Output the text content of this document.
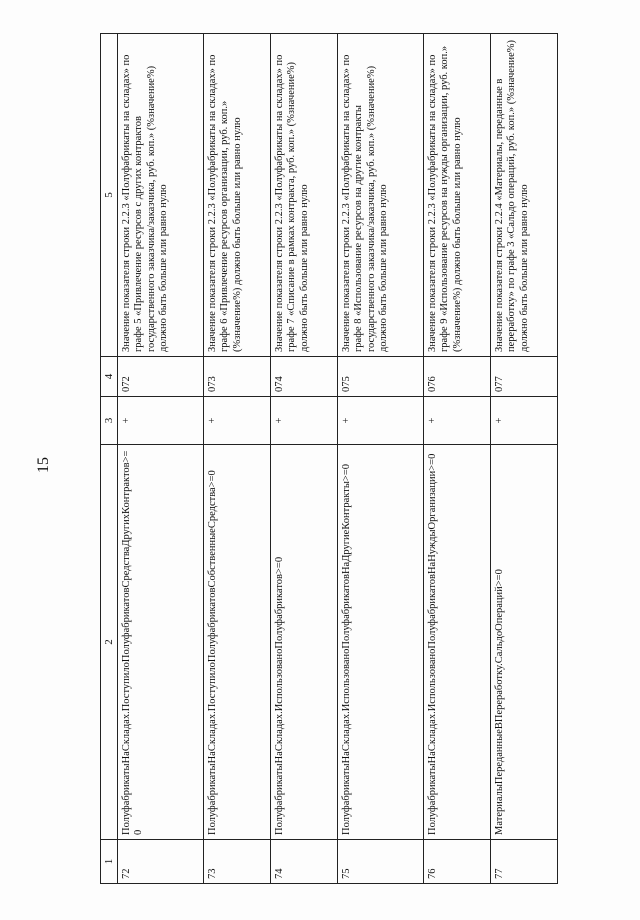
15
1	2	3	4	5
72	ПолуфабрикатыНаСкладах.ПоступилоПолуфабрикатовСредстваДругихКонтрактов>=0	+	072	Значение показателя строки 2.2.3 «Полуфабрикаты на складах» по графе 5 «Привлечение ресурсов с других контрактов государственного заказчика/заказчика, руб. коп.» (%значение%) должно быть больше или равно нулю
73	ПолуфабрикатыНаСкладах.ПоступилоПолуфабрикатовСобственныеСредства>=0	+	073	Значение показателя строки 2.2.3 «Полуфабрикаты на складах» по графе 6 «Привлечение ресурсов организации, руб. коп.» (%значение%) должно быть больше или равно нулю
74	ПолуфабрикатыНаСкладах.ИспользованоПолуфабрикатов>=0	+	074	Значение показателя строки 2.2.3 «Полуфабрикаты на складах» по графе 7 «Списание в рамках контракта, руб. коп.» (%значение%) должно быть больше или равно нулю
75	ПолуфабрикатыНаСкладах.ИспользованоПолуфабрикатовНаДругиеКонтракты>=0	+	075	Значение показателя строки 2.2.3 «Полуфабрикаты на складах» по графе 8 «Использование ресурсов на другие контракты государственного заказчика/заказчика, руб. коп.» (%значение%) должно быть больше или равно нулю
76	ПолуфабрикатыНаСкладах.ИспользованоПолуфабрикатовНаНуждыОрганизации>=0	+	076	Значение показателя строки 2.2.3 «Полуфабрикаты на складах» по графе 9 «Использование ресурсов на нужды организации, руб. коп.» (%значение%) должно быть больше или равно нулю
77	МатериалыПереданныеВПереработку.СальдоОпераций>=0	+	077	Значение показателя строки 2.2.4 «Материалы, переданные в переработку» по графе 3 «Сальдо операций, руб. коп.» (%значение%) должно быть больше или равно нулю
